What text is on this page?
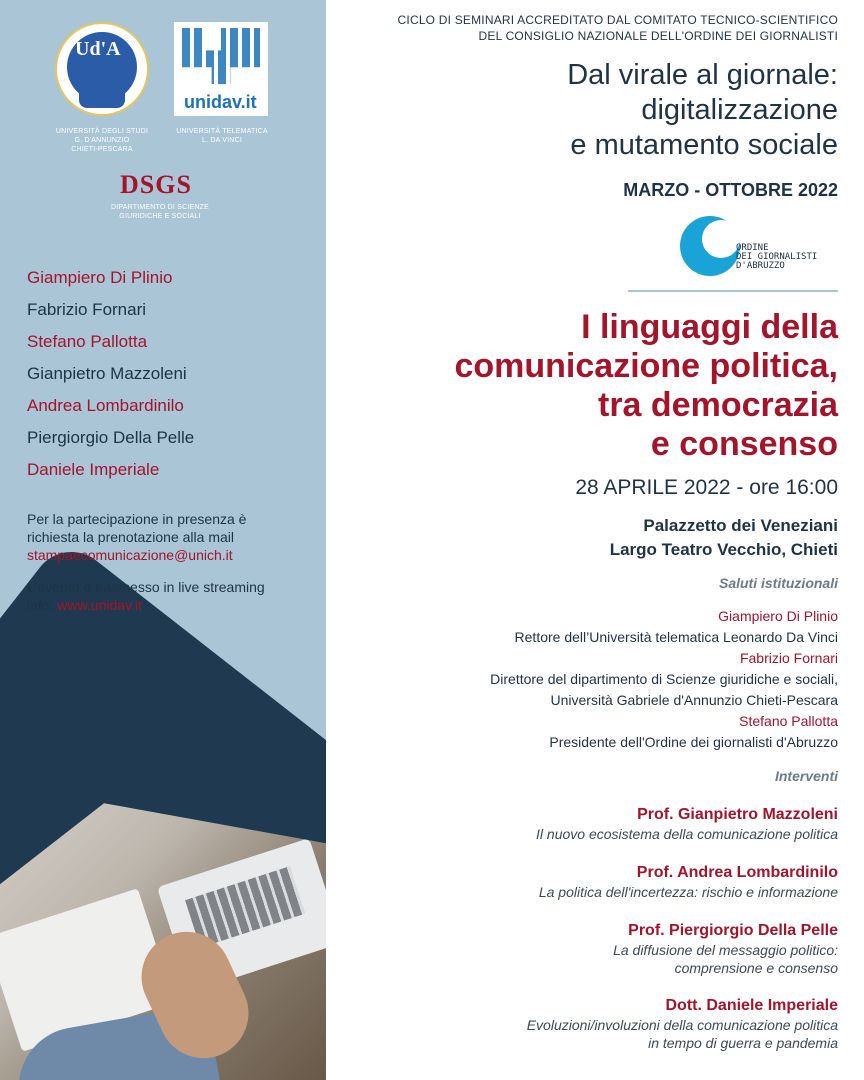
Ud'A
UNIVERSITÀ DEGLI STUDI
G. D'ANNUNZIO
CHIETI-PESCARA
unidav.it
UNIVERSITÀ TELEMATICA
L. DA VINCI
DSGS
DIPARTIMENTO DI SCIENZE
GIURIDICHE E SOCIALI
Giampiero Di Plinio
Fabrizio Fornari
Stefano Pallotta
Gianpietro Mazzoleni
Andrea Lombardinilo
Piergiorgio Della Pelle
Daniele Imperiale
Per la partecipazione in presenza è
richiesta la prenotazione alla mail
stampaecomunicazione@unich.it
L'evento è trasmesso in live streaming
info: www.unidav.it
CICLO DI SEMINARI ACCREDITATO DAL COMITATO TECNICO-SCIENTIFICO
DEL CONSIGLIO NAZIONALE DELL'ORDINE DEI GIORNALISTI
Dal virale al giornale:
digitalizzazione
e mutamento sociale
MARZO - OTTOBRE 2022
ORDINE
DEI GIORNALISTI
D'ABRUZZO
I linguaggi della
comunicazione politica,
tra democrazia
e consenso
28 APRILE 2022 - ore 16:00
Palazzetto dei Veneziani
Largo Teatro Vecchio, Chieti
Saluti istituzionali
Giampiero Di Plinio
Rettore dell’Università telematica Leonardo Da Vinci
Fabrizio Fornari
Direttore del dipartimento di Scienze giuridiche e sociali,
Università Gabriele d'Annunzio Chieti-Pescara
Stefano Pallotta
Presidente dell'Ordine dei giornalisti d'Abruzzo
Interventi
Prof. Gianpietro Mazzoleni
Il nuovo ecosistema della comunicazione politica
Prof. Andrea Lombardinilo
La politica dell'incertezza: rischio e informazione
Prof. Piergiorgio Della Pelle
La diffusione del messaggio politico:
comprensione e consenso
Dott. Daniele Imperiale
Evoluzioni/involuzioni della comunicazione politica
in tempo di guerra e pandemia
